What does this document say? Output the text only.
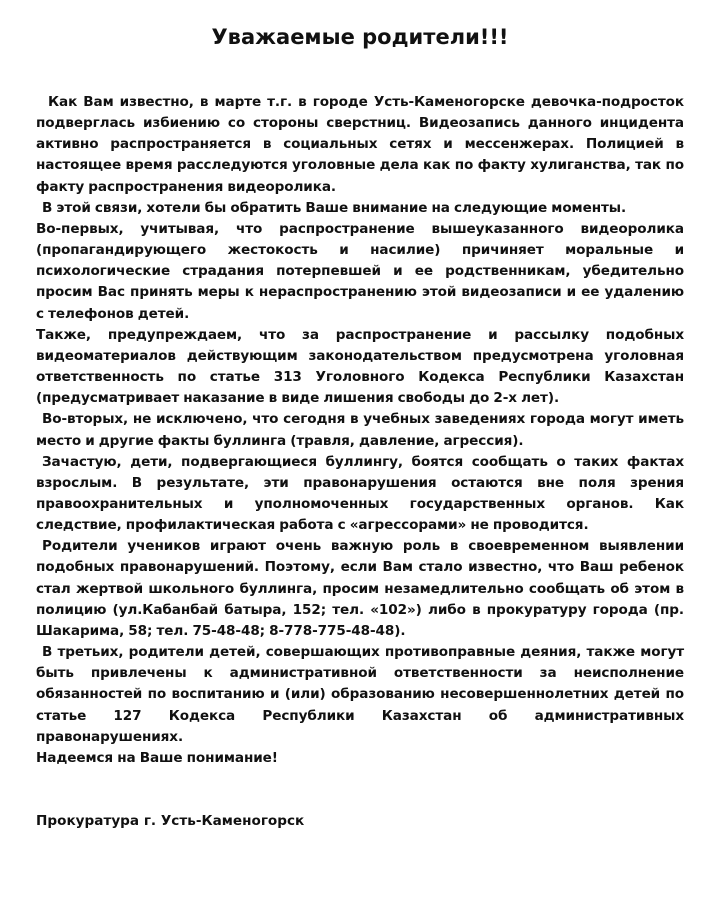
Уважаемые родители!!!

Как Вам известно, в марте т.г. в городе Усть-Каменогорске девочка-подросток подверглась избиению со стороны сверстниц. Видеозапись данного инцидента активно распространяется в социальных сетях и мессенжерах. Полицией в настоящее время расследуются уголовные дела как по факту хулиганства, так по факту распространения видеоролика.

В этой связи, хотели бы обратить Ваше внимание на следующие моменты.

Во-первых, учитывая, что распространение вышеуказанного видеоролика (пропагандирующего жестокость и насилие) причиняет моральные и психологические страдания потерпевшей и ее родственникам, убедительно просим Вас принять меры к нераспространению этой видеозаписи и ее удалению с телефонов детей.

Также, предупреждаем, что за распространение и рассылку подобных видеоматериалов действующим законодательством предусмотрена уголовная ответственность по статье 313 Уголовного Кодекса Республики Казахстан (предусматривает наказание в виде лишения свободы до 2-х лет).

Во-вторых, не исключено, что сегодня в учебных заведениях города могут иметь место и другие факты буллинга (травля, давление, агрессия).

Зачастую, дети, подвергающиеся буллингу, боятся сообщать о таких фактах взрослым. В результате, эти правонарушения остаются вне поля зрения правоохранительных и уполномоченных государственных органов. Как следствие, профилактическая работа с «агрессорами» не проводится.

Родители учеников играют очень важную роль в своевременном выявлении подобных правонарушений. Поэтому, если Вам стало известно, что Ваш ребенок стал жертвой школьного буллинга, просим незамедлительно сообщать об этом в полицию (ул.Кабанбай батыра, 152; тел. «102») либо в прокуратуру города (пр. Шакарима, 58; тел. 75-48-48; 8-778-775-48-48).

В третьих, родители детей, совершающих противоправные деяния, также могут быть привлечены к административной ответственности за неисполнение обязанностей по воспитанию и (или) образованию несовершеннолетних детей по статье 127 Кодекса Республики Казахстан об административных правонарушениях.

Надеемся на Ваше понимание!

Прокуратура г. Усть-Каменогорск
